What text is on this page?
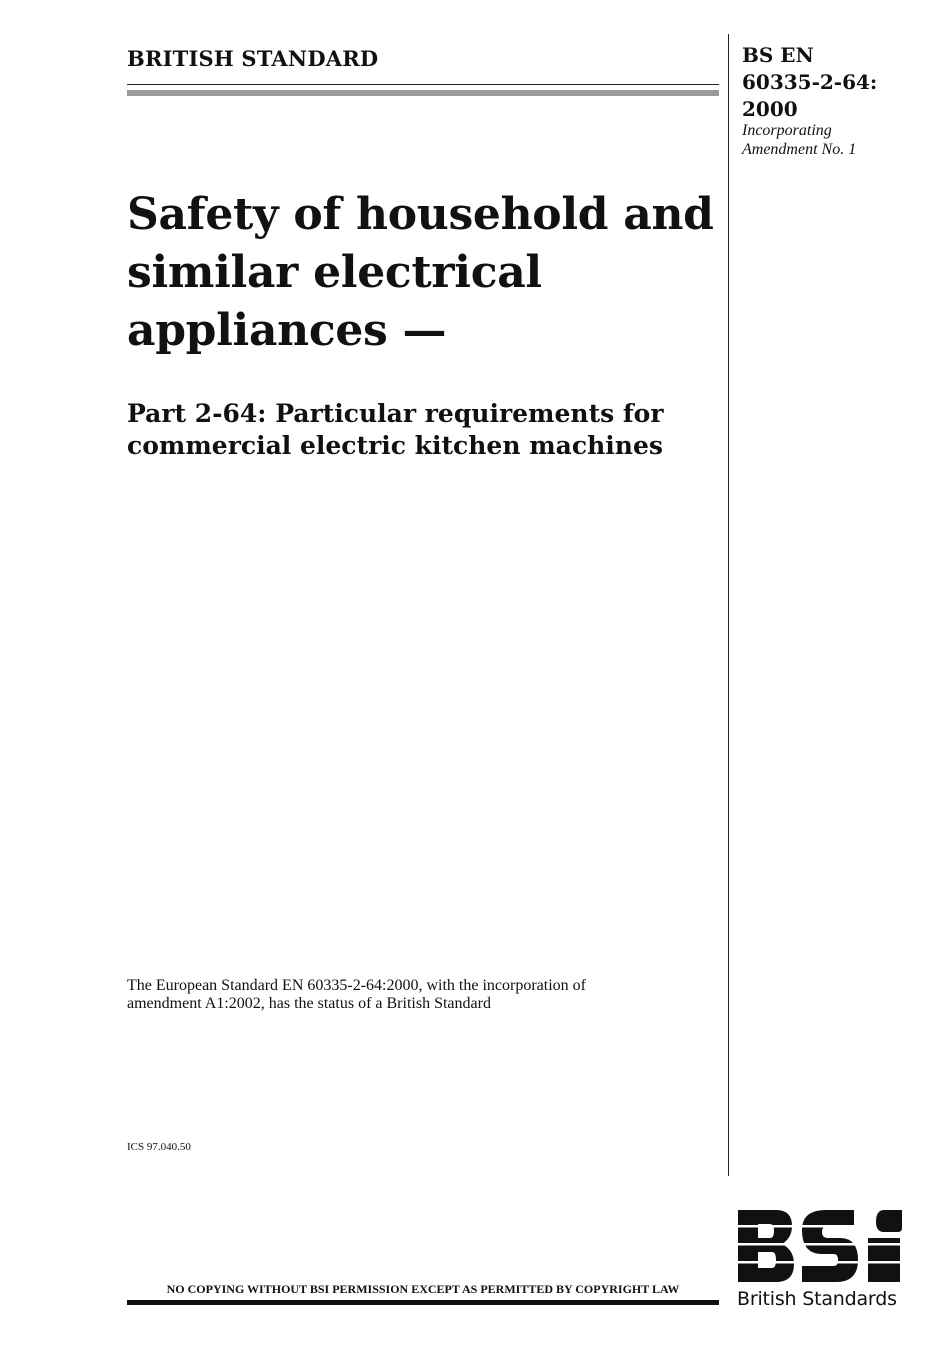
BRITISH STANDARD	BS EN
60335-2-64:
2000
Incorporating
Amendment No. 1
Safety of household and
similar electrical
appliances —
Part 2-64: Particular requirements for
commercial electric kitchen machines
The European Standard EN 60335-2-64:2000, with the incorporation of
amendment A1:2002, has the status of a British Standard
ICS 97.040.50
NO COPYING WITHOUT BSI PERMISSION EXCEPT AS PERMITTED BY COPYRIGHT LAW	British Standards
